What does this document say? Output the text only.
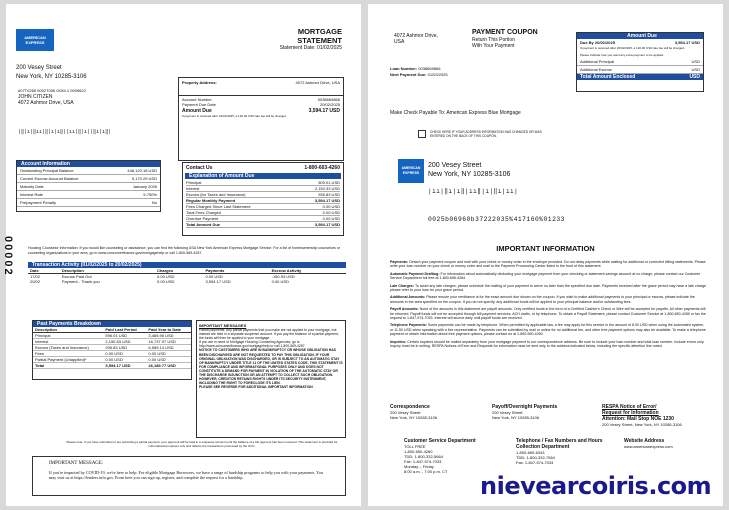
AMERICAN EXPRESS
MORTGAGE
STATEMENT
Statement Date: 01/02/2025
200 Vesey Street
New York, NY 10285-3106
#07T0265 0002T006 ODM-1 0009622
JOHN CITIZEN
4072 Ashmor Drive, USA
|‖|ı|‖ıı|‖|ı|ı‖||ıı|‖|ı||‖ı|ı‖|
Property Address:	4072 Ashmor Drive, USA
Account Number	0038669866
Payment Due Date	20/02/2025
Amount Due	3,594.17 USD
If payment is received after 01/01/2025, a 120.00 USD late fee will be charged.
Contact Us	1-800-603-4260
Explanation of Amount Due
Principal	509.01 USD
Interest	2,150.33 USD
Escrow (for Taxes and Insurance)	935.83 USD
Regular Monthly Payment	3,594.17 USD
Fees Charged Since Last Statement	0.00 USD
Total Fees Charged	0.00 USD
Overdue Payment	0.00 USD
Total Amount Due	3,594.17 USD
Account Information
Outstanding Principal Balance	446,120.18 USD
Current Escrow Account Balance	5,170.29 USD
Maturity Date	January 2035
Interest Rate	5.750%
Prepayment Penalty	No
00002	Housing Counselor Information: If you would like counseling or assistance, you can find the following USA New York American Express Mortgage Service. For a list of homeownership counselors or counseling organizations in your area, go to www.consumerfinance.gov/mortgagehelp or call 1-800-569-4287.
Transaction Activity (01/02/2025 to 20/02/2025)
Date	Description	Charges	Payments	Escrow Activity
17/02	Escrow Paid Out	0.00 USD	0.00 USD	-150.93 USD
20/02	Payment - Thank you	0.00 USD	3,594.17 USD	0.00 USD
Past Payments Breakdown
Description	Paid Last Period	Paid Year to Date
Principal	596.01 USD	3,465.96 USD
Interest	2,150.83 USD	16,737.97 USD
Escrow (Taxes and Insurance)	935.83 USD	6,589.14 USD
Fees	0.00 USD	0.00 USD
Partial Payment (Unapplied)*	0.00 USD	0.00 USD
Total	3,594.17 USD	26,189.77 USD
IMPORTANT MESSAGES
Partial payments: Any partial payments that you make are not applied to your mortgage, but instead are held in a separate suspense account. If you pay the balance of a partial payment, the funds will then be applied to your mortgage.
If you are in need of Mortgage Housing Counseling Agencies, go to http://www.consumerfinance.gov/mortgagehelp or call 1-800-569-4287.
NOTICE TO CUSTOMERS WHO ARE IN BANKRUPTCY OR WHOSE OBLIGATION HAS BEEN DISCHARGED ARE NOT REQUESTED TO PAY THIS OBLIGATION. IF YOUR ORIGINAL OBLIGATION WAS DISCHARGED, OR IS SUBJECT TO AN AUTOMATIC STAY OF BANKRUPTCY UNDER TITLE 11 OF THE UNITED STATES CODE, THIS STATEMENT IS FOR COMPLIANCE AND INFORMATIONAL PURPOSES ONLY AND DOES NOT CONSTITUTE A DEMAND FOR PAYMENT IN VIOLATION OF THE AUTOMATIC STAY OR THE DISCHARGE INJUNCTION OR AN ATTEMPT TO COLLECT SUCH OBLIGATION. HOWEVER, CREDITOR RETAINS RIGHTS UNDER ITS SECURITY INSTRUMENT, INCLUDING THE RIGHT TO FORECLOSE ITS LIEN.
PLEASE SEE REVERSE FOR ADDITIONAL IMPORTANT INFORMATION
Please note: If you have submitted or are submitting a partial payment, your payment will be held in a suspense account until the balance of a full payment has been received. This statement is provided for informational purposes only and reflects the transactions processed by the OCC.
IMPORTANT MESSAGE:
If you're impacted by COVID-19, we're here to help. For eligible Mortgage Borrowers, we have a range of hardship programs to help you with your payments. You may visit us at https://lenders.info.gov. From here you can sign up, register, and complete the request for a hardship.
4072 Ashmor Drive,
USA
PAYMENT COUPON
Return This Portion
With Your Payment
Loan Number: 0038669866
Next Payment Due: 01/03/2025
Amount Due
Due By 20/02/2025	3,594.17 USD
If payment is received after 20/02/2025, a 120.00 USD late fee will be charged.
Please indicate how you want any extra payment to be applied.
Additional Principal	USD
Additional Escrow	USD
Total Amount Enclosed	USD
Make Check Payable To: American Express Blue Mortgage
CHECK HERE IF YOUR ADDRESS INFORMATION HAS CHANGED OR WAS ENTERED ON THE BACK OF THIS COUPON.
AMERICAN EXPRESS
200 Vesey Street
New York, NY 10285-3106
|ıı|‖ı|ı‖|ıı‖|ı|‖ı|ıı|
0025b06960b37222035%417160%01233
IMPORTANT INFORMATION
Payments: Detach your payment coupon and mail with your check or money order in the envelope provided. Do not delay payments while waiting for additional or corrected billing statements. Please write your loan number on your check or money order and mail to the Payment Processing Center listed to the front of this statement.
Automatic Payment Drafting: For information about automatically deducting your mortgage payment from your checking or statement savings account at no charge, please contact our Customer Service Department toll free at 1-800-696-4284.
Late Charges: To avoid any late charges, please schedule the mailing of your payment to arrive no later than the specified due date. Payments received after the grace period may have a late charge please refer to your loan for your grace period.
Additional Amounts: Please ensure your remittance is for the exact amount due shown on the coupon. If you wish to make additional payments to your principal or escrow, please indicate the amounts in the area specified on the coupon. If you do not specify, any additional funds will be applied to your principal balance and/or outstanding fees.
Payoff Amounts: None of the amounts in this statement are payoff amounts. Only certified funds in the form of a Certified Cashier's Check or Wire will be accepted for payoffs. All other payments will be returned. Payoff funds will not be accepted through bill payment services, ACH drafts, or by telephone. To obtain a Payoff Statement, please contact Customer Service at 1-800-650-4280 or fax the request to 1-847-574-7033. Interest will accrue daily until payoff funds are received.
Telephone Payments: Some payments can be made by telephone. When permitted by applicable law, a fee may apply for this service in the amount of 8.00 USD when using the automated system, or 11.50 USD when speaking with a live representative. Payments can be submitted by mail or online for no additional fee, and other free payment options may also be available. To make a telephone payment or obtain information about free payment options, please contact us at 1-800-650-4260.
Inquiries: Certain inquiries should be mailed separately from your mortgage payment to our correspondence address. Be sure to include your loan number and total loan number. Include errors only. Inquiry must be in writing. RESPA Notices of Error and Requests for information must be sent only to the address indicated below, including the specific attention line noted.
Correspondence
200 Vesey Street
New York, NY 10285-3106
Payoff/Overnight Payments
200 Vesey Street
New York, NY 10285-3106
RESPA Notice of Error/
Request for Information
Attention: Mail Stop NOE 1230
200 Vesey Street, New York, NY 10285-3106
Customer Service Department
TOLL FREE
1-800-650-4260
TDD: 1-800-332-5664
Fax: 1-847-574-7033
Monday – Friday
8:00 a.m. - 7:00 p.m. CT
Telephone / Fax Numbers and Hours
Collection Department
1-800-669-6343
TDD: 1-800-332-7564
Fax: 1-847-574-7034
Website Address
www.americanexpress.com
nievearcoiris.com
